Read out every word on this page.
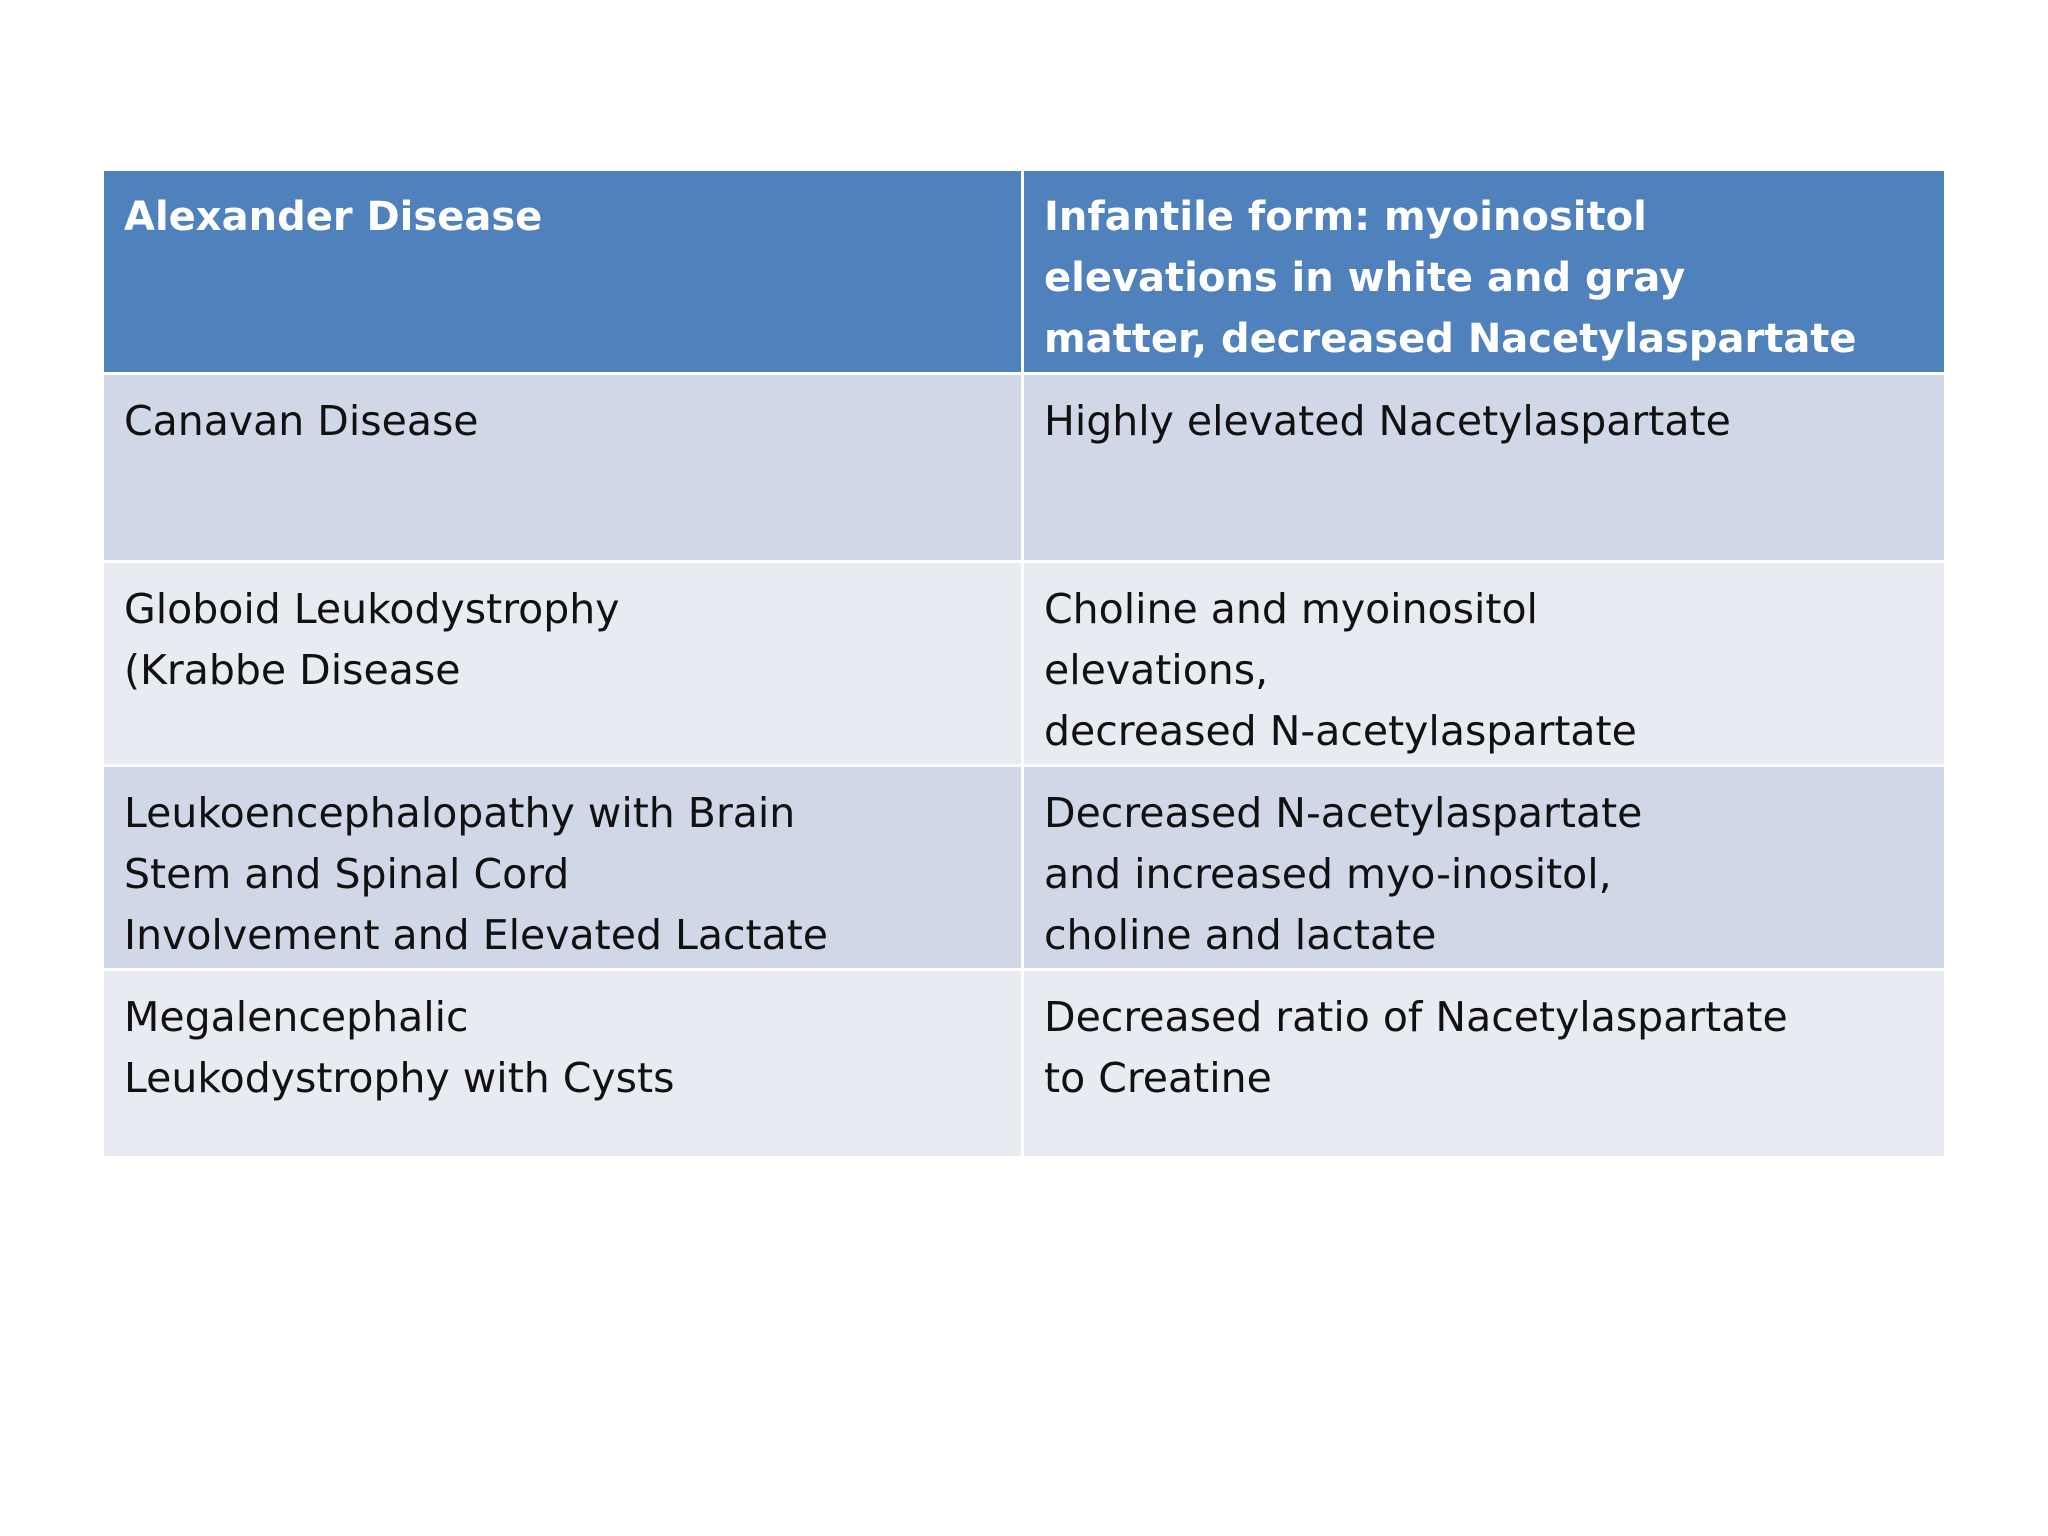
Alexander Disease	Infantile form: myoinositol
elevations in white and gray
matter, decreased Nacetylaspartate
Canavan Disease	Highly elevated Nacetylaspartate
Globoid Leukodystrophy
(Krabbe Disease
Choline and myoinositol
elevations,
decreased N-acetylaspartate
Leukoencephalopathy with Brain
Stem and Spinal Cord
Involvement and Elevated Lactate
Decreased N-acetylaspartate
and increased myo-inositol,
choline and lactate
Megalencephalic
Leukodystrophy with Cysts
Decreased ratio of Nacetylaspartate
to Creatine
